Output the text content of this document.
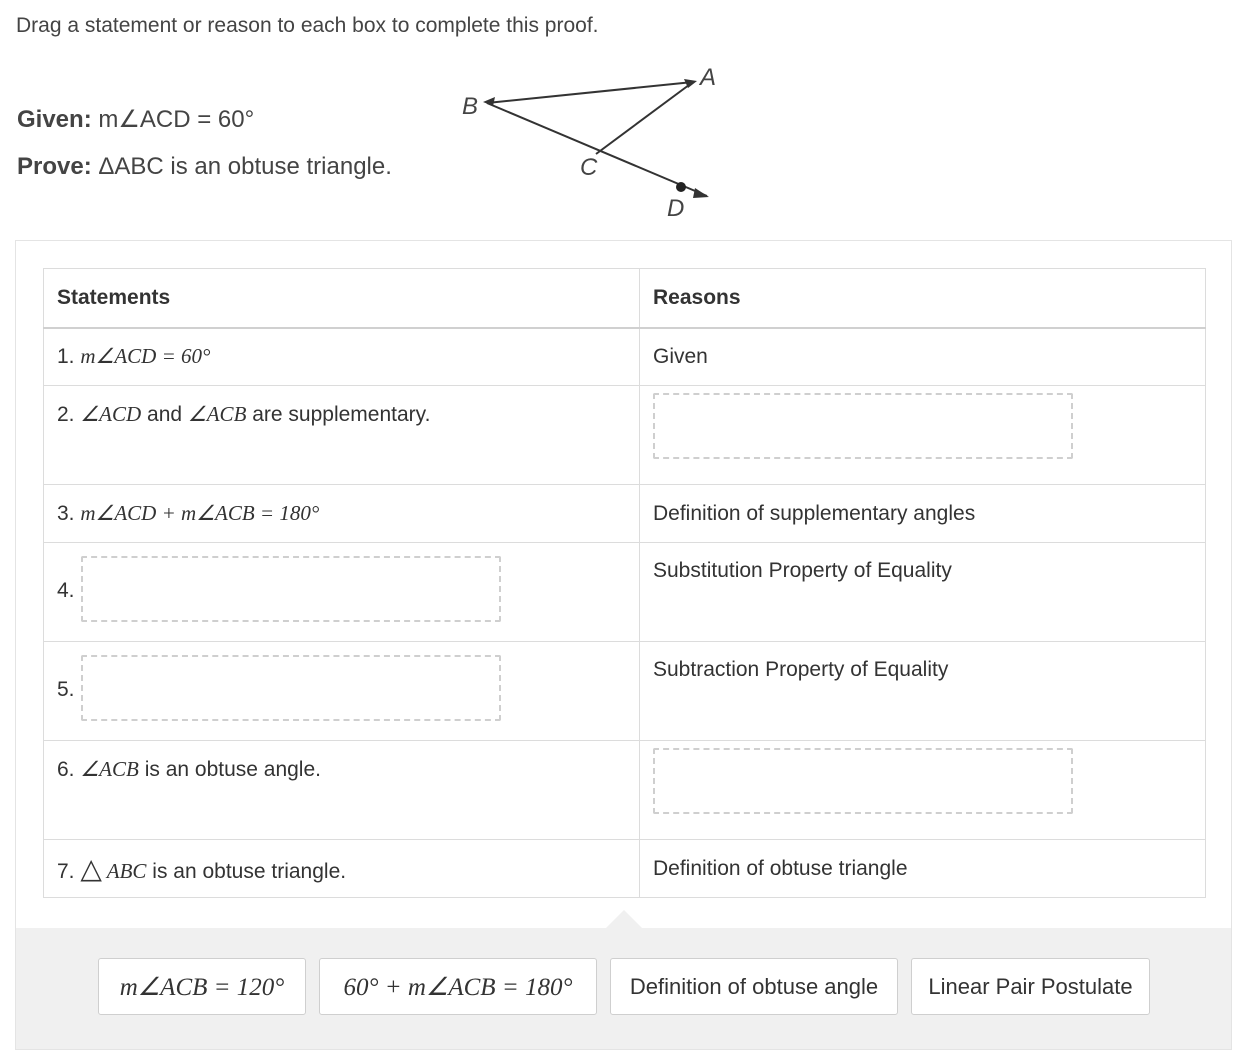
Drag a statement or reason to each box to complete this proof.
Given: m∠ACD = 60°
Prove: ΔABC is an obtuse triangle.
A
B
C
D
Statements	Reasons
1. m∠ACD = 60°	Given
2. ∠ACD and ∠ACB are supplementary.	

3. m∠ACD + m∠ACB = 180°	Definition of supplementary angles

4.	Substitution Property of Equality

5.	Subtraction Property of Equality
6. ∠ACB is an obtuse angle.	

7. △ ABC is an obtuse triangle.	Definition of obtuse triangle
m∠ACB = 120° 60° + m∠ACB = 180°	Definition of obtuse angle Linear Pair Postulate
